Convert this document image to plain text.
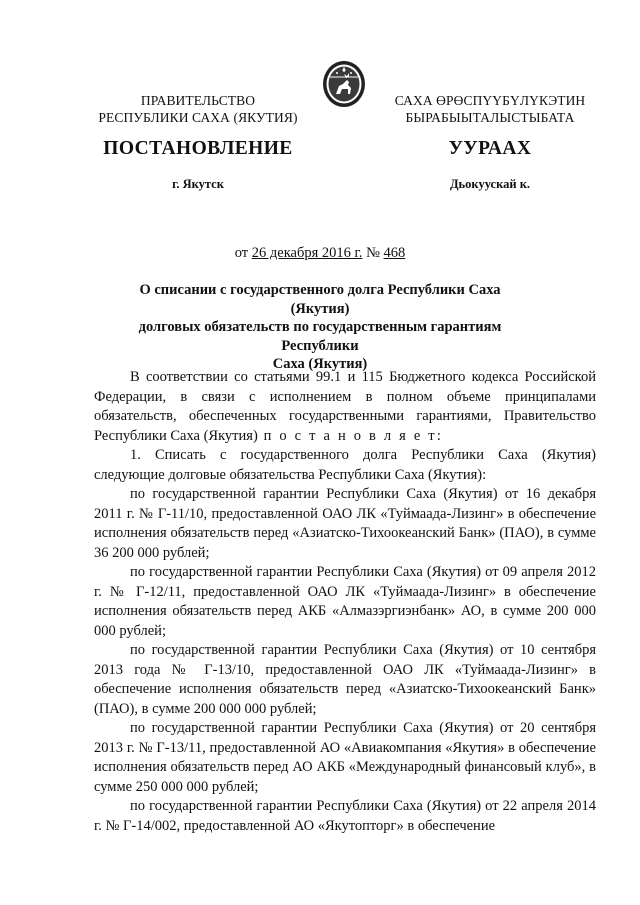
ПРАВИТЕЛЬСТВО
РЕСПУБЛИКИ САХА (ЯКУТИЯ)
САХА ӨРӨСПҮҮБҮЛҮКЭТИН
БЫРАБЫЫТАЛЫСТЫБАТА
ПОСТАНОВЛЕНИЕ	УУРААХ
г. Якутск	Дьокуускай к.
от 26 декабря 2016 г. № 468
О списании с государственного долга Республики Саха (Якутия)
долговых обязательств по государственным гарантиям Республики
Саха (Якутия)

В соответствии со статьями 99.1 и 115 Бюджетного кодекса Российской Федерации, в связи с исполнением в полном объеме принципалами обязательств, обеспеченных государственными гарантиями, Правительство Республики Саха (Якутия) п о с т а н о в л я е т:

1. Списать с государственного долга Республики Саха (Якутия) следующие долговые обязательства Республики Саха (Якутия):

по государственной гарантии Республики Саха (Якутия) от 16 декабря 2011 г. № Г-11/10, предоставленной ОАО ЛК «Туймаада-Лизинг» в обеспечение исполнения обязательств перед «Азиатско-Тихоокеанский Банк» (ПАО), в сумме 36 200 000 рублей;

по государственной гарантии Республики Саха (Якутия) от 09 апреля 2012 г. № Г-12/11, предоставленной ОАО ЛК «Туймаада-Лизинг» в обеспечение исполнения обязательств перед АКБ «Алмазэргиэнбанк» АО, в сумме 200 000 000 рублей;

по государственной гарантии Республики Саха (Якутия) от 10 сентября 2013 года № Г-13/10, предоставленной ОАО ЛК «Туймаада-Лизинг» в обеспечение исполнения обязательств перед «Азиатско-Тихоокеанский Банк» (ПАО), в сумме 200 000 000 рублей;

по государственной гарантии Республики Саха (Якутия) от 20 сентября 2013 г. № Г-13/11, предоставленной АО «Авиакомпания «Якутия» в обеспечение исполнения обязательств перед АО АКБ «Международный финансовый клуб», в сумме 250 000 000 рублей;

по государственной гарантии Республики Саха (Якутия) от 22 апреля 2014 г. № Г-14/002, предоставленной АО «Якутопторг» в обеспечение
